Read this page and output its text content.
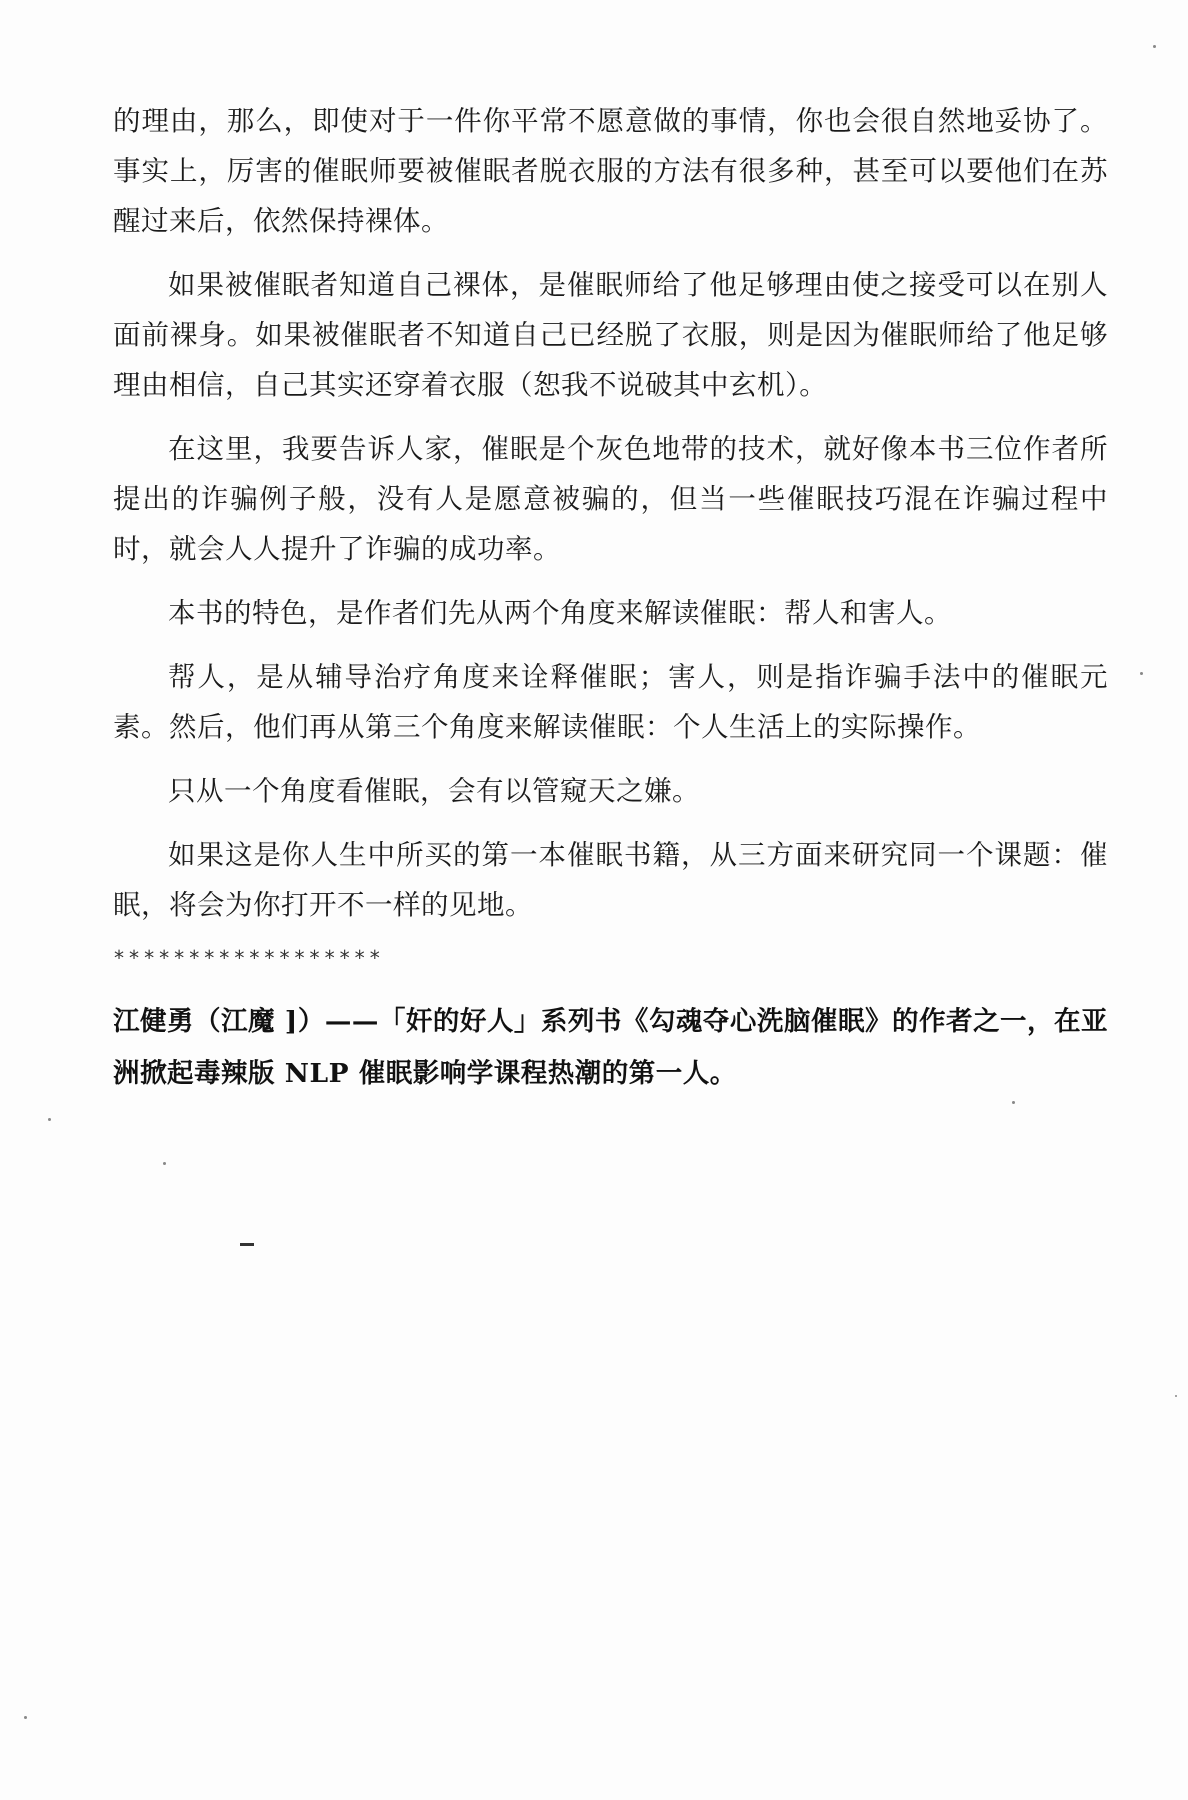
的理由，那么，即使对于一件你平常不愿意做的事情，你也会很自然地妥协了。事实上，厉害的催眠师要被催眠者脱衣服的方法有很多种，甚至可以要他们在苏醒过来后，依然保持裸体。

如果被催眠者知道自己裸体，是催眠师给了他足够理由使之接受可以在别人面前裸身。如果被催眠者不知道自己已经脱了衣服，则是因为催眠师给了他足够理由相信，自己其实还穿着衣服（恕我不说破其中玄机）。

在这里，我要告诉人家，催眠是个灰色地带的技术，就好像本书三位作者所提出的诈骗例子般，没有人是愿意被骗的，但当一些催眠技巧混在诈骗过程中时，就会人人提升了诈骗的成功率。

本书的特色，是作者们先从两个角度来解读催眠：帮人和害人。

帮人，是从辅导治疗角度来诠释催眠；害人，则是指诈骗手法中的催眠元素。然后，他们再从第三个角度来解读催眠：个人生活上的实际操作。

只从一个角度看催眠，会有以管窥天之嫌。

如果这是你人生中所买的第一本催眠书籍，从三方面来研究同一个课题：催眠，将会为你打开不一样的见地。

******************

江健勇（江魔 ]）——「奸的好人」系列书《勾魂夺心洗脑催眠》的作者之一，在亚洲掀起毒辣版 NLP 催眠影响学课程热潮的第一人。
